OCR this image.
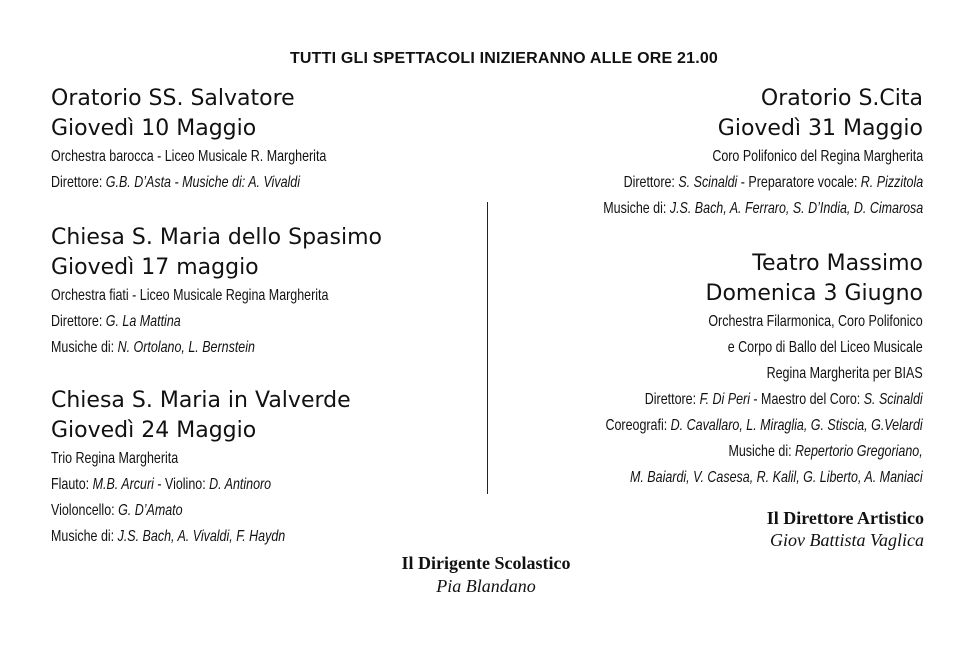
TUTTI GLI SPETTACOLI INIZIERANNO ALLE ORE 21.00
Oratorio SS. Salvatore
Giovedì 10 Maggio
Orchestra barocca - Liceo Musicale R. Margherita
Direttore: G.B. D’Asta - Musiche di: A. Vivaldi
Chiesa S. Maria dello Spasimo
Giovedì 17 maggio
Orchestra fiati - Liceo Musicale Regina Margherita
Direttore: G. La Mattina
Musiche di: N. Ortolano, L. Bernstein
Chiesa S. Maria in Valverde
Giovedì 24 Maggio
Trio Regina Margherita
Flauto: M.B. Arcuri - Violino: D. Antinoro
Violoncello: G. D’Amato
Musiche di: J.S. Bach, A. Vivaldi, F. Haydn
Oratorio S.Cita
Giovedì 31 Maggio
Coro Polifonico del Regina Margherita
Direttore: S. Scinaldi - Preparatore vocale: R. Pizzitola
Musiche di: J.S. Bach, A. Ferraro, S. D’India, D. Cimarosa
Teatro Massimo
Domenica 3 Giugno
Orchestra Filarmonica, Coro Polifonico
e Corpo di Ballo del Liceo Musicale
Regina Margherita per BIAS
Direttore: F. Di Peri - Maestro del Coro: S. Scinaldi
Coreografi: D. Cavallaro, L. Miraglia, G. Stiscia, G.Velardi
Musiche di: Repertorio Gregoriano,
M. Baiardi, V. Casesa, R. Kalil, G. Liberto, A. Maniaci
Il Direttore Artistico
Giov Battista Vaglica
Il Dirigente Scolastico
Pia Blandano
